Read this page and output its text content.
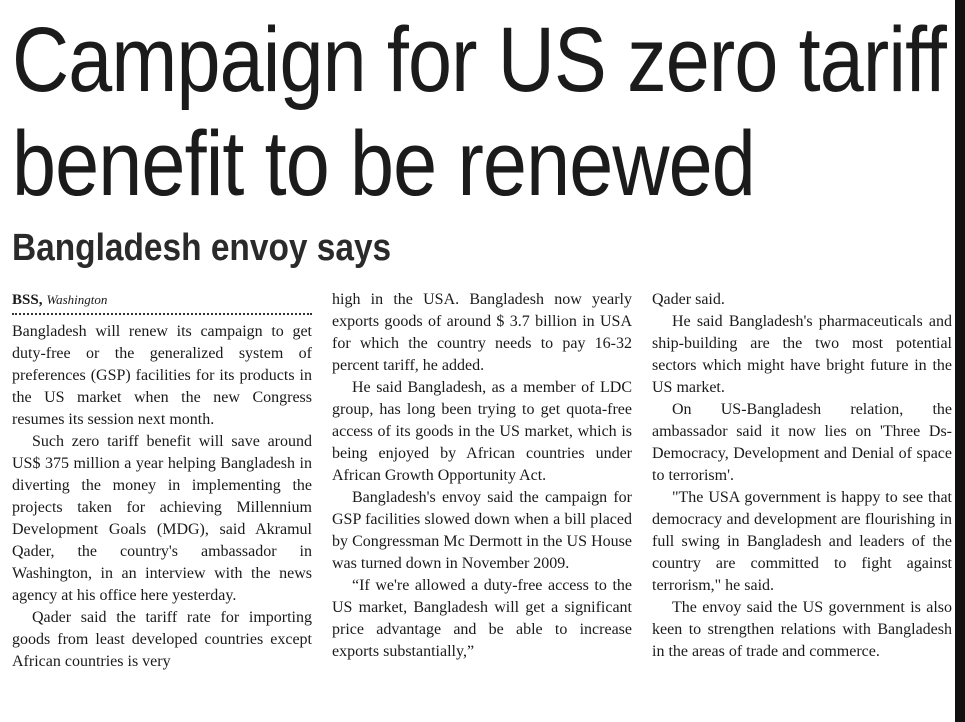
Campaign for US zero tariff
benefit to be renewed
Bangladesh envoy says
BSS, Washington

Bangladesh will renew its campaign to get duty-free or the generalized system of preferences (GSP) facilities for its products in the US market when the new Congress resumes its session next month.

Such zero tariff benefit will save around US$ 375 million a year helping Bangladesh in diverting the money in implementing the projects taken for achieving Millennium Development Goals (MDG), said Akramul Qader, the country's ambassador in Washington, in an interview with the news agency at his office here yesterday.

Qader said the tariff rate for importing goods from least developed countries except African countries is very

high in the USA. Bangladesh now yearly exports goods of around $ 3.7 billion in USA for which the country needs to pay 16-32 percent tariff, he added.

He said Bangladesh, as a member of LDC group, has long been trying to get quota-free access of its goods in the US market, which is being enjoyed by African countries under African Growth Opportunity Act.

Bangladesh's envoy said the campaign for GSP facilities slowed down when a bill placed by Congressman Mc Dermott in the US House was turned down in November 2009.

“If we're allowed a duty-free access to the US market, Bangladesh will get a significant price advantage and be able to increase exports substantially,”

Qader said.

He said Bangladesh's pharmaceuticals and ship-building are the two most potential sectors which might have bright future in the US market.

On US-Bangladesh relation, the ambassador said it now lies on 'Three Ds- Democracy, Development and Denial of space to terrorism'.

"The USA government is happy to see that democracy and development are flourishing in full swing in Bangladesh and leaders of the country are committed to fight against terrorism," he said.

The envoy said the US government is also keen to strengthen relations with Bangladesh in the areas of trade and commerce.
